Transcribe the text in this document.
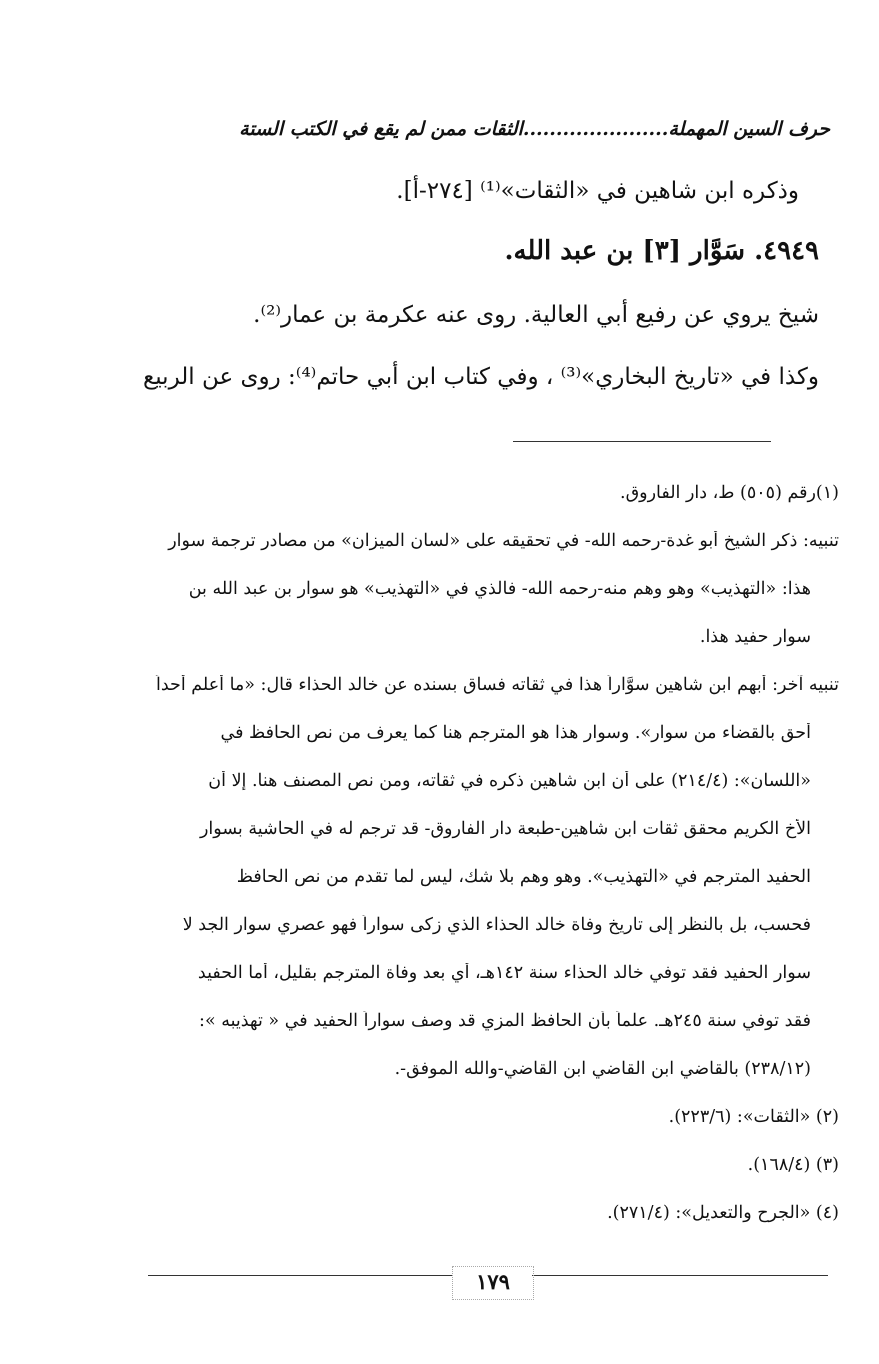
حرف السين المهملة......................الثقات ممن لم يقع في الكتب الستة
وذكره ابن شاهين في «الثقات»⁽¹⁾ [٢٧٤-أ].
٤٩٤٩. سَوَّار [٣] بن عبد الله.
شيخ يروي عن رفيع أبي العالية. روى عنه عكرمة بن عمار⁽²⁾.
وكذا في «تاريخ البخاري»⁽³⁾ ، وفي كتاب ابن أبي حاتم⁽⁴⁾: روى عن الربيع
(١)رقم (٥٠٥) ط، دار الفاروق.
تنبيه: ذكر الشيخ أبو غدة-رحمه الله- في تحقيقه على «لسان الميزان» من مصادر ترجمة سوار
هذا: «التهذيب» وهو وهم منه-رحمه الله- فالذي في «التهذيب» هو سوار بن عبد الله بن
سوار حفيد هذا.
تنبيه آخر: أبهم ابن شاهين سوَّاراً هذا في ثقاته فساق بسنده عن خالد الحذاء قال: «ما أعلم أحداً
أحق بالقضاء من سوار». وسوار هذا هو المترجم هنا كما يعرف من نص الحافظ في
«اللسان»: (٢١٤/٤) على أن ابن شاهين ذكره في ثقاته، ومن نص المصنف هنا. إلا أن
الأخ الكريم محقق ثقات ابن شاهين-طبعة دار الفاروق- قد ترجم له في الحاشية بسوار
الحفيد المترجم في «التهذيب». وهو وهم بلا شك، ليس لما تقدم من نص الحافظ
فحسب، بل بالنظر إلى تاريخ وفاة خالد الحذاء الذي زكى سواراً فهو عصري سوار الجد لا
سوار الحفيد فقد توفي خالد الحذاء سنة ١٤٢هـ، أي بعد وفاة المترجم بقليل، أما الحفيد
فقد توفي سنة ٢٤٥هـ. علماً بأن الحافظ المزي قد وصف سواراً الحفيد في « تهذيبه »:
(٢٣٨/١٢) بالقاضي ابن القاضي ابن القاضي-والله الموفق-.
(٢) «الثقات»: (٢٢٣/٦).
(٣) (١٦٨/٤).
(٤) «الجرح والتعديل»: (٢٧١/٤).
١٧٩
